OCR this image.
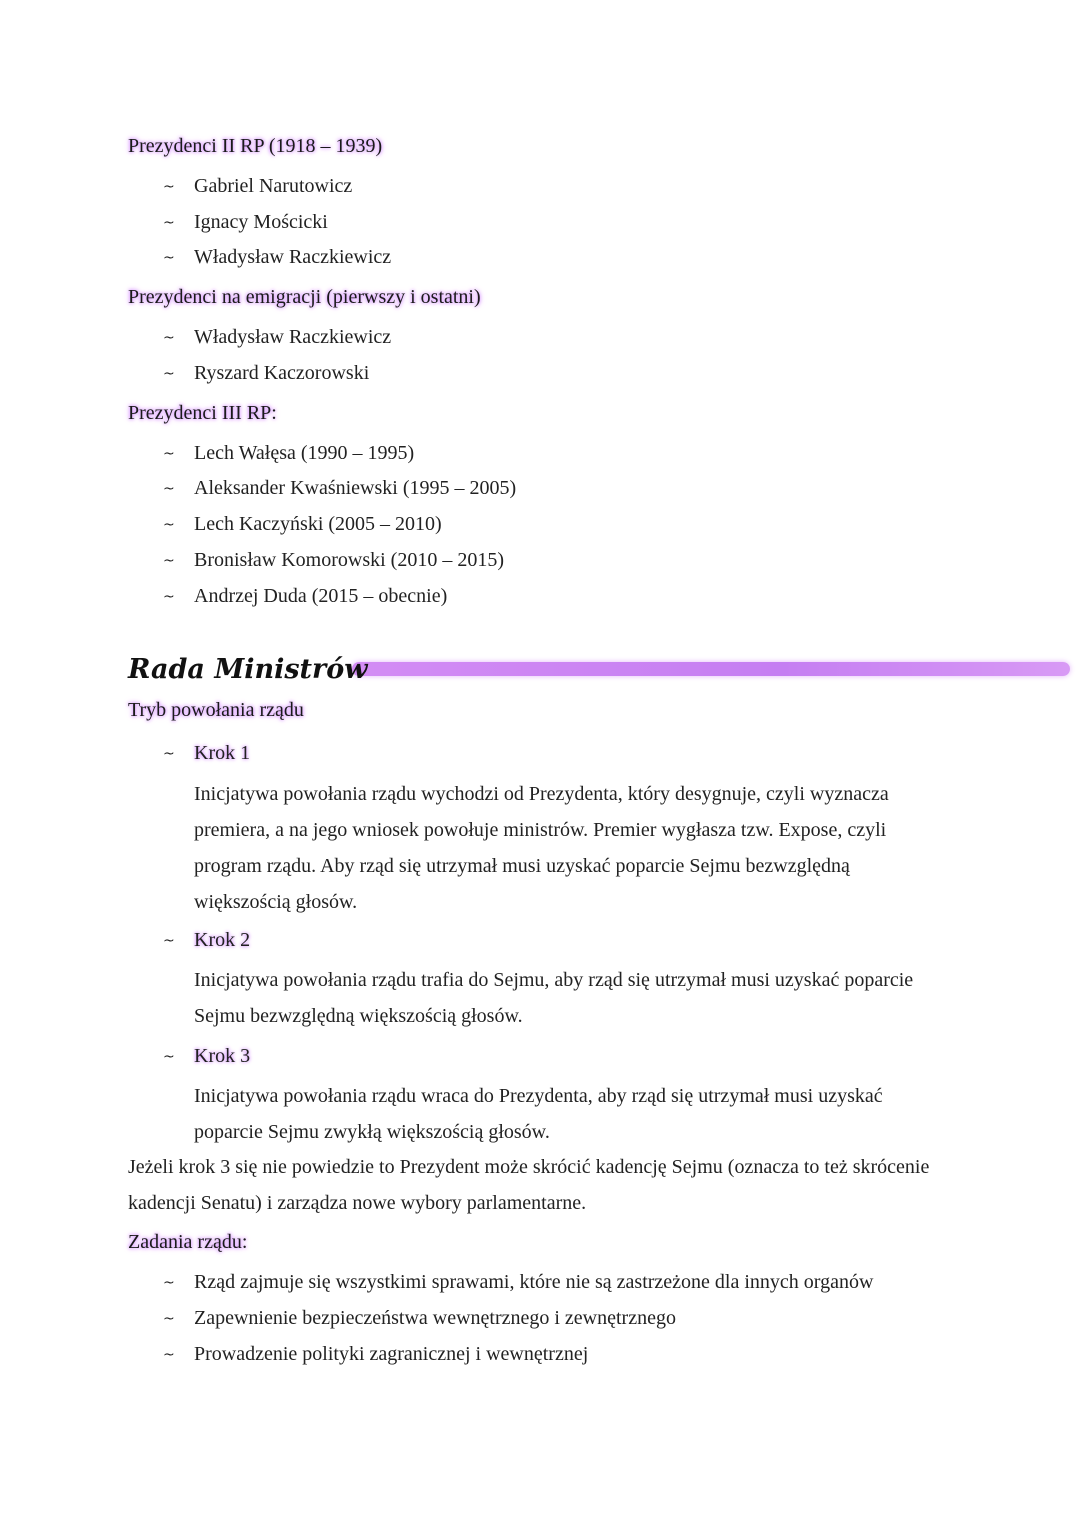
Prezydenci II RP (1918 – 1939)
~ Gabriel Narutowicz
~ Ignacy Mościcki
~ Władysław Raczkiewicz
Prezydenci na emigracji (pierwszy i ostatni)
~ Władysław Raczkiewicz
~ Ryszard Kaczorowski
Prezydenci III RP:
~ Lech Wałęsa (1990 – 1995)
~ Aleksander Kwaśniewski (1995 – 2005)
~ Lech Kaczyński (2005 – 2010)
~ Bronisław Komorowski (2010 – 2015)
~ Andrzej Duda (2015 – obecnie)
Rada Ministrów
Tryb powołania rządu
~ Krok 1
Inicjatywa powołania rządu wychodzi od Prezydenta, który desygnuje, czyli wyznacza premiera, a na jego wniosek powołuje ministrów. Premier wygłasza tzw. Expose, czyli program rządu. Aby rząd się utrzymał musi uzyskać poparcie Sejmu bezwzględną większością głosów.
~ Krok 2
Inicjatywa powołania rządu trafia do Sejmu, aby rząd się utrzymał musi uzyskać poparcie Sejmu bezwzględną większością głosów.
~ Krok 3
Inicjatywa powołania rządu wraca do Prezydenta, aby rząd się utrzymał musi uzyskać poparcie Sejmu zwykłą większością głosów.
Jeżeli krok 3 się nie powiedzie to Prezydent może skrócić kadencję Sejmu (oznacza to też skrócenie kadencji Senatu) i zarządza nowe wybory parlamentarne.
Zadania rządu:
~ Rząd zajmuje się wszystkimi sprawami, które nie są zastrzeżone dla innych organów
~ Zapewnienie bezpieczeństwa wewnętrznego i zewnętrznego
~ Prowadzenie polityki zagranicznej i wewnętrznej
